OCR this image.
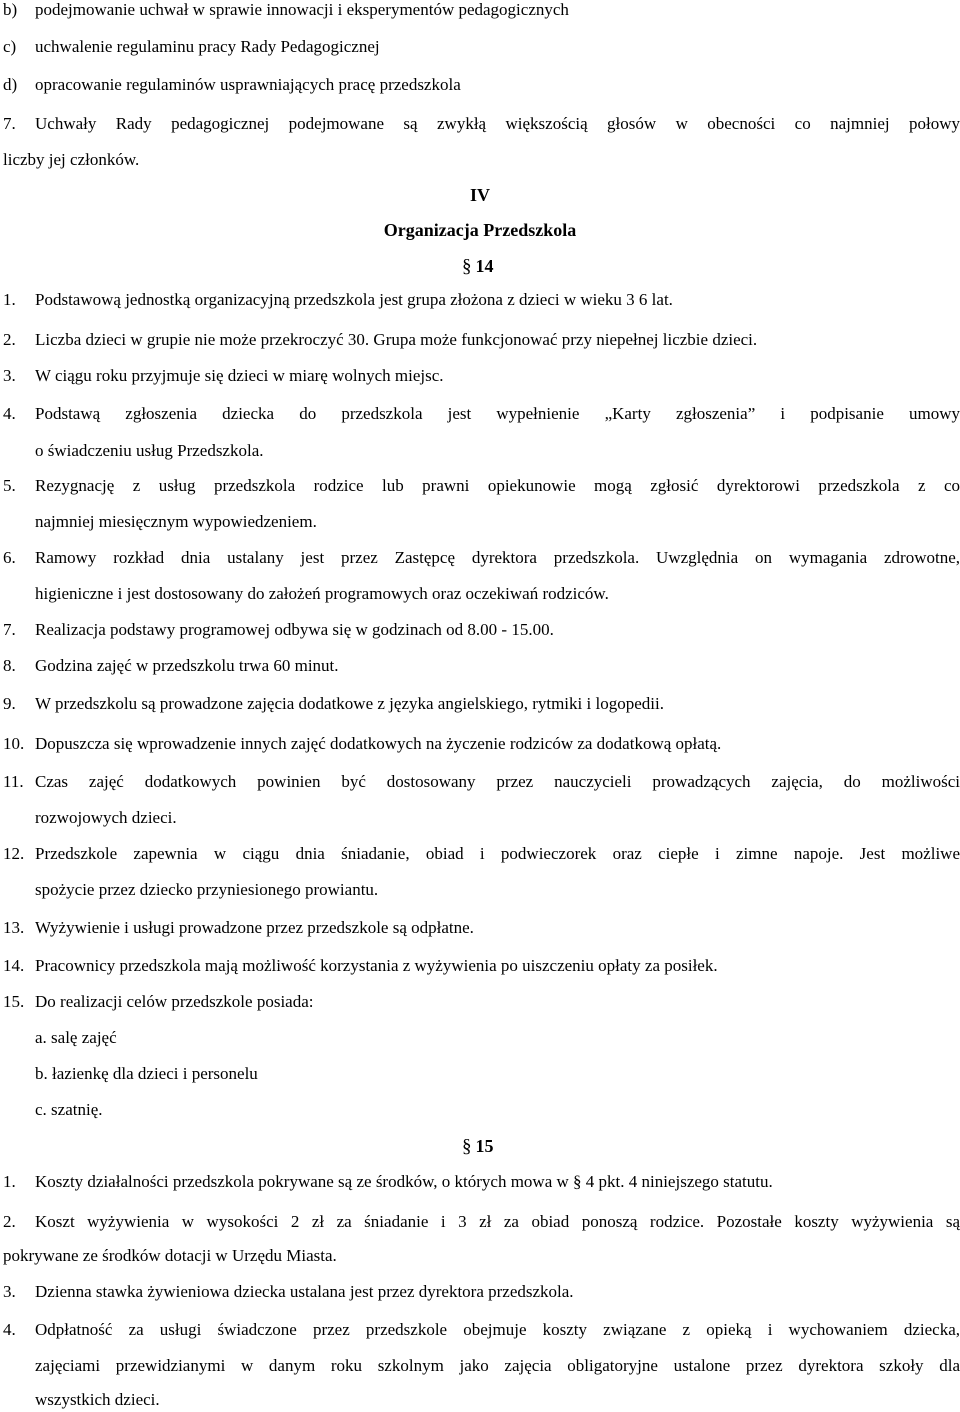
b) podejmowanie uchwał w sprawie innowacji i eksperymentów pedagogicznych
c) uchwalenie regulaminu pracy Rady Pedagogicznej
d) opracowanie regulaminów usprawniających pracę przedszkola
7. Uchwały Rady pedagogicznej podejmowane są zwykłą większością głosów w obecności co najmniej połowy
liczby jej członków.
IV
Organizacja Przedszkola
§ 14
1. Podstawową jednostką organizacyjną przedszkola jest grupa złożona z dzieci w wieku 3 6 lat.
2. Liczba dzieci w grupie nie może przekroczyć 30. Grupa może funkcjonować przy niepełnej liczbie dzieci.
3. W ciągu roku przyjmuje się dzieci w miarę wolnych miejsc.
4. Podstawą zgłoszenia dziecka do przedszkola jest wypełnienie „Karty zgłoszenia” i podpisanie umowy
o świadczeniu usług Przedszkola.
5. Rezygnację z usług przedszkola rodzice lub prawni opiekunowie mogą zgłosić dyrektorowi przedszkola z co
najmniej miesięcznym wypowiedzeniem.
6. Ramowy rozkład dnia ustalany jest przez Zastępcę dyrektora przedszkola. Uwzględnia on wymagania zdrowotne,
higieniczne i jest dostosowany do założeń programowych oraz oczekiwań rodziców.
7. Realizacja podstawy programowej odbywa się w godzinach od 8.00 - 15.00.
8. Godzina zajęć w przedszkolu trwa 60 minut.
9. W przedszkolu są prowadzone zajęcia dodatkowe z języka angielskiego, rytmiki i logopedii.
10. Dopuszcza się wprowadzenie innych zajęć dodatkowych na życzenie rodziców za dodatkową opłatą.
11. Czas zajęć dodatkowych powinien być dostosowany przez nauczycieli prowadzących zajęcia, do możliwości
rozwojowych dzieci.
12. Przedszkole zapewnia w ciągu dnia śniadanie, obiad i podwieczorek oraz ciepłe i zimne napoje. Jest możliwe
spożycie przez dziecko przyniesionego prowiantu.
13. Wyżywienie i usługi prowadzone przez przedszkole są odpłatne.
14. Pracownicy przedszkola mają możliwość korzystania z wyżywienia po uiszczeniu opłaty za posiłek.
15. Do realizacji celów przedszkole posiada:
a. salę zajęć
b. łazienkę dla dzieci i personelu
c. szatnię.
§ 15
1. Koszty działalności przedszkola pokrywane są ze środków, o których mowa w § 4 pkt. 4 niniejszego statutu.
2. Koszt wyżywienia w wysokości 2 zł za śniadanie i 3 zł za obiad ponoszą rodzice. Pozostałe koszty wyżywienia są
pokrywane ze środków dotacji w Urzędu Miasta.
3. Dzienna stawka żywieniowa dziecka ustalana jest przez dyrektora przedszkola.
4. Odpłatność za usługi świadczone przez przedszkole obejmuje koszty związane z opieką i wychowaniem dziecka,
zajęciami przewidzianymi w danym roku szkolnym jako zajęcia obligatoryjne ustalone przez dyrektora szkoły dla
wszystkich dzieci.
